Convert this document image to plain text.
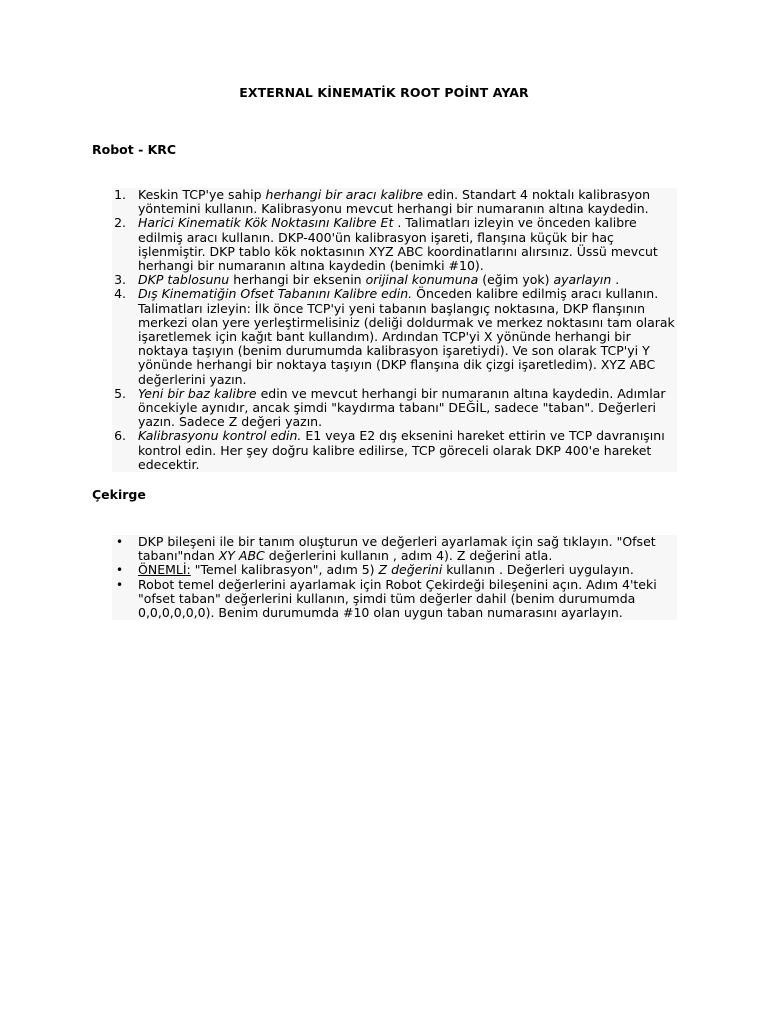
EXTERNAL KİNEMATİK ROOT POİNT AYAR
Robot - KRC
1. Keskin TCP'ye sahip herhangi bir aracı kalibre edin. Standart 4 noktalı kalibrasyon yöntemini kullanın. Kalibrasyonu mevcut herhangi bir numaranın altına kaydedin.
2. Harici Kinematik Kök Noktasını Kalibre Et . Talimatları izleyin ve önceden kalibre edilmiş aracı kullanın. DKP-400'ün kalibrasyon işareti, flanşına küçük bir haç işlenmiştir. DKP tablo kök noktasının XYZ ABC koordinatlarını alırsınız. Üssü mevcut herhangi bir numaranın altına kaydedin (benimki #10).
3. DKP tablosunu herhangi bir eksenin orijinal konumuna (eğim yok) ayarlayın .
4. Dış Kinematiğin Ofset Tabanını Kalibre edin. Önceden kalibre edilmiş aracı kullanın. Talimatları izleyin: İlk önce TCP'yi yeni tabanın başlangıç noktasına, DKP flanşının merkezi olan yere yerleştirmelisiniz (deliği doldurmak ve merkez noktasını tam olarak işaretlemek için kağıt bant kullandım). Ardından TCP'yi X yönünde herhangi bir noktaya taşıyın (benim durumumda kalibrasyon işaretiydi). Ve son olarak TCP'yi Y yönünde herhangi bir noktaya taşıyın (DKP flanşına dik çizgi işaretledim). XYZ ABC değerlerini yazın.
5. Yeni bir baz kalibre edin ve mevcut herhangi bir numaranın altına kaydedin. Adımlar öncekiyle aynıdır, ancak şimdi "kaydırma tabanı" DEĞİL, sadece "taban". Değerleri yazın. Sadece Z değeri yazın.
6. Kalibrasyonu kontrol edin. E1 veya E2 dış eksenini hareket ettirin ve TCP davranışını kontrol edin. Her şey doğru kalibre edilirse, TCP göreceli olarak DKP 400'e hareket edecektir.
Çekirge
• DKP bileşeni ile bir tanım oluşturun ve değerleri ayarlamak için sağ tıklayın. "Ofset tabanı"ndan XY ABC değerlerini kullanın , adım 4). Z değerini atla.
• ÖNEMLİ: "Temel kalibrasyon", adım 5) Z değerini kullanın . Değerleri uygulayın.
• Robot temel değerlerini ayarlamak için Robot Çekirdeği bileşenini açın. Adım 4'teki "ofset taban" değerlerini kullanın, şimdi tüm değerler dahil (benim durumumda 0,0,0,0,0,0). Benim durumumda #10 olan uygun taban numarasını ayarlayın.
